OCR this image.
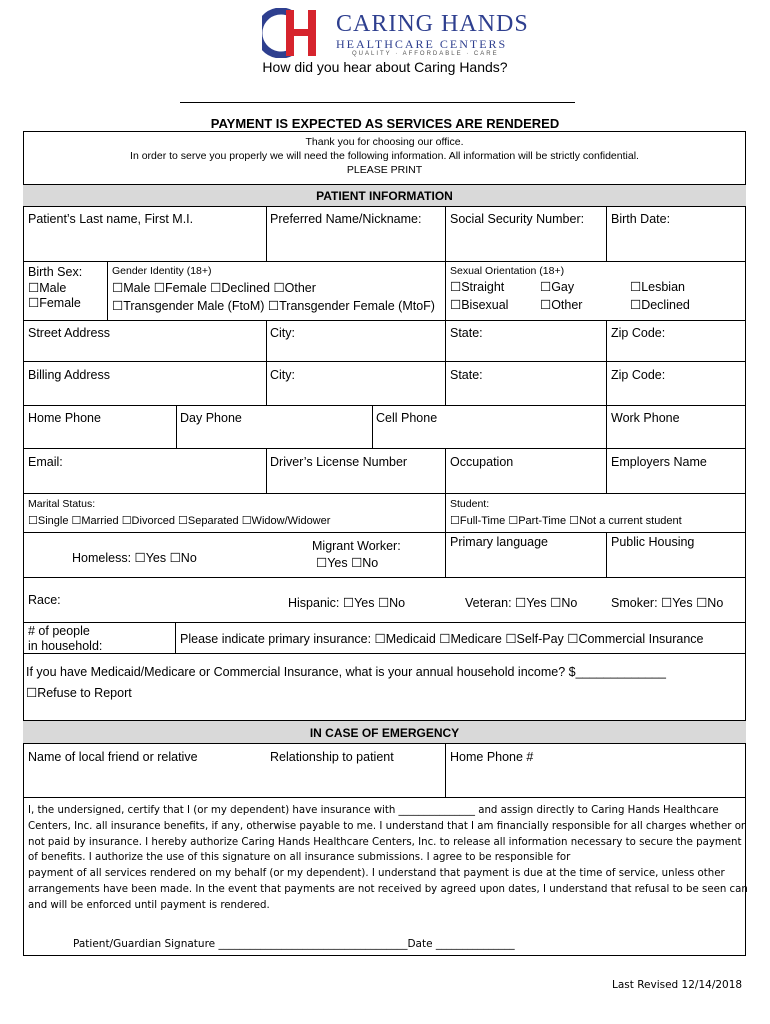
CARING HANDS
HEALTHCARE CENTERS
QUALITY · AFFORDABLE · CARE
How did you hear about Caring Hands?
PAYMENT IS EXPECTED AS SERVICES ARE RENDERED
Thank you for choosing our office.
In order to serve you properly we will need the following information. All information will be strictly confidential.
PLEASE PRINT
PATIENT INFORMATION
Patient’s Last name, First M.I.	Preferred Name/Nickname: Social Security Number: Birth Date:
Birth Sex:
☐Male
☐Female
Gender Identity (18+)
☐Male ☐Female ☐Declined ☐Other
☐Transgender Male (FtoM) ☐Transgender Female (MtoF)
Sexual Orientation (18+)
☐Straight	☐Gay	☐Lesbian
☐Bisexual	☐Other	☐Declined
Street Address	City:	State:	Zip Code:
Billing Address	City:	State:	Zip Code:
Home Phone	Day Phone	Cell Phone	Work Phone
Email:	Driver’s License Number	Occupation	Employers Name
Marital Status:
☐Single ☐Married ☐Divorced ☐Separated ☐Widow/Widower
Student:
☐Full-Time ☐Part-Time ☐Not a current student
Homeless: ☐Yes ☐No
Migrant Worker:
☐Yes ☐No
Primary language	Public Housing
Race:	Hispanic: ☐Yes ☐No	Veteran: ☐Yes ☐No	Smoker: ☐Yes ☐No
# of people
in household:	Please indicate primary insurance: ☐Medicaid ☐Medicare ☐Self-Pay ☐Commercial Insurance
If you have Medicaid/Medicare or Commercial Insurance, what is your annual household income? $_____________
☐Refuse to Report
IN CASE OF EMERGENCY
Name of local friend or relative	Relationship to patient	Home Phone #
I, the undersigned, certify that I (or my dependent) have insurance with _______________ and assign directly to Caring Hands Healthcare
Centers, Inc. all insurance benefits, if any, otherwise payable to me. I understand that I am financially responsible for all charges whether or
not paid by insurance. I hereby authorize Caring Hands Healthcare Centers, Inc. to release all information necessary to secure the payment
of benefits. I authorize the use of this signature on all insurance submissions. I agree to be responsible for
payment of all services rendered on my behalf (or my dependent). I understand that payment is due at the time of service, unless other
arrangements have been made. In the event that payments are not received by agreed upon dates, I understand that refusal to be seen can
and will be enforced until payment is rendered.
Patient/Guardian Signature ____________________________________Date _______________
Last Revised 12/14/2018
